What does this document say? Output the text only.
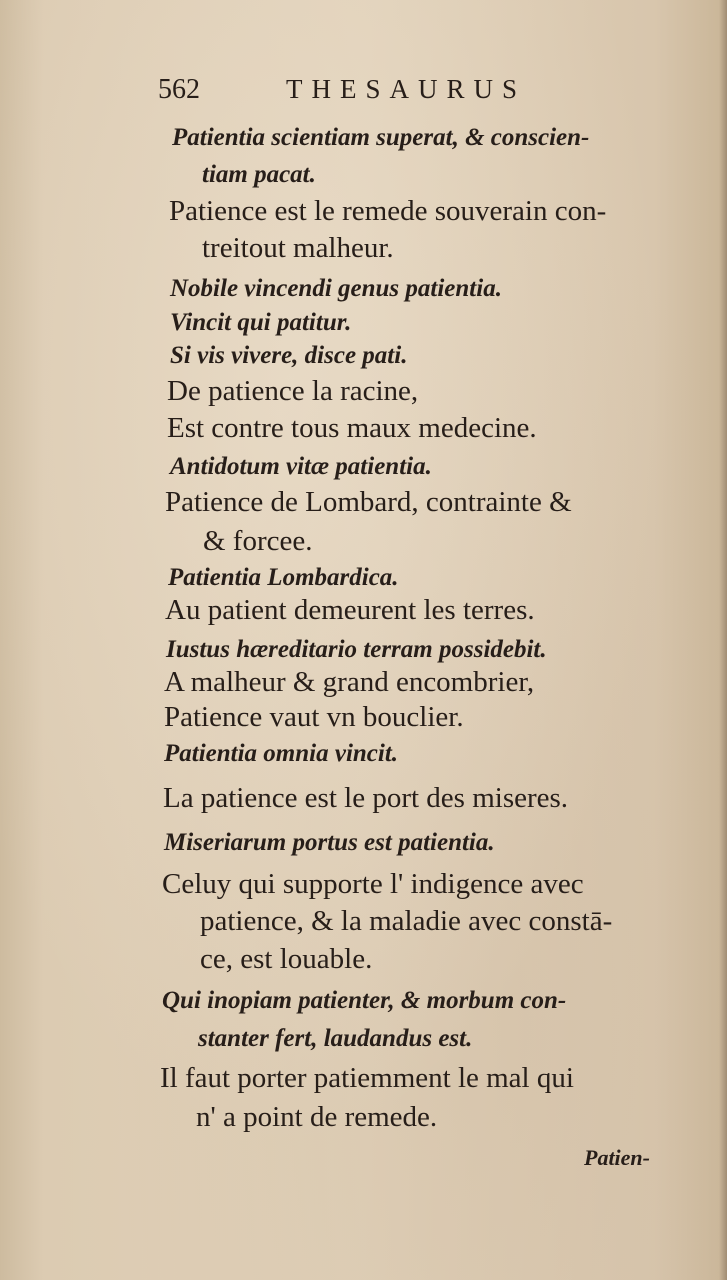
562	THESAURUS
Patientia scientiam superat, & conscien-
tiam pacat.
Patience est le remede souverain con-
treitout malheur.
Nobile vincendi genus patientia.
Vincit qui patitur.
Si vis vivere, disce pati.
De patience la racine,
Est contre tous maux medecine.
Antidotum vitæ patientia.
Patience de Lombard, contrainte &
& forcee.
Patientia Lombardica.
Au patient demeurent les terres.
Iustus hæreditario terram possidebit.
A malheur & grand encombrier,
Patience vaut vn bouclier.
Patientia omnia vincit.
La patience est le port des miseres.
Miseriarum portus est patientia.
Celuy qui supporte l' indigence avec
patience, & la maladie avec constā-
ce, est louable.
Qui inopiam patienter, & morbum con-
stanter fert, laudandus est.
Il faut porter patiemment le mal qui
n' a point de remede.
Patien-
